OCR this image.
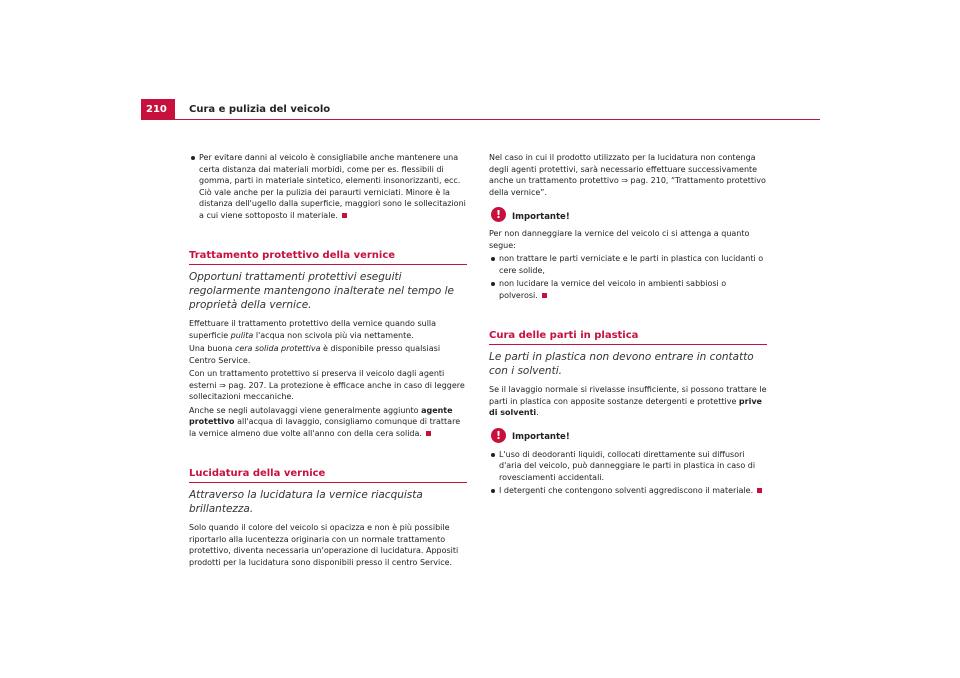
210	Cura e pulizia del veicolo
Per evitare danni al veicolo è consigliabile anche mantenere una certa distanza dai materiali morbidi, come per es. flessibili di gomma, parti in materiale sintetico, elementi insonorizzanti, ecc. Ciò vale anche per la pulizia dei paraurti verniciati. Minore è la distanza dell'ugello dalla superficie, maggiori sono le sollecitazioni a cui viene sottoposto il materiale.
Trattamento protettivo della vernice
Opportuni trattamenti protettivi eseguiti regolarmente mantengono inalterate nel tempo le proprietà della vernice.

Effettuare il trattamento protettivo della vernice quando sulla superficie pulita l'acqua non scivola più via nettamente.

Una buona cera solida protettiva è disponibile presso qualsiasi Centro Service.

Con un trattamento protettivo si preserva il veicolo dagli agenti esterni ⇒ pag. 207. La protezione è efficace anche in caso di leggere sollecitazioni meccaniche.

Anche se negli autolavaggi viene generalmente aggiunto agente protettivo all'acqua di lavaggio, consigliamo comunque di trattare la vernice almeno due volte all'anno con della cera solida.

Lucidatura della vernice
Attraverso la lucidatura la vernice riacquista brillantezza.

Solo quando il colore del veicolo si opacizza e non è più possibile riportarlo alla lucentezza originaria con un normale trattamento protettivo, diventa necessaria un'operazione di lucidatura. Appositi prodotti per la lucidatura sono disponibili presso il centro Service.

Nel caso in cui il prodotto utilizzato per la lucidatura non contenga degli agenti protettivi, sarà necessario effettuare successivamente anche un trattamento protettivo ⇒ pag. 210, “Trattamento protettivo della vernice”.

!	Importante!

Per non danneggiare la vernice del veicolo ci si attenga a quanto segue:

non trattare le parti verniciate e le parti in plastica con lucidanti o cere solide,
non lucidare la vernice del veicolo in ambienti sabbiosi o polverosi.
Cura delle parti in plastica
Le parti in plastica non devono entrare in contatto con i solventi.

Se il lavaggio normale si rivelasse insufficiente, si possono trattare le parti in plastica con apposite sostanze detergenti e protettive prive di solventi.

!	Importante!
L'uso di deodoranti liquidi, collocati direttamente sui diffusori d'aria del veicolo, può danneggiare le parti in plastica in caso di rovesciamenti accidentali.
I detergenti che contengono solventi aggrediscono il materiale.
